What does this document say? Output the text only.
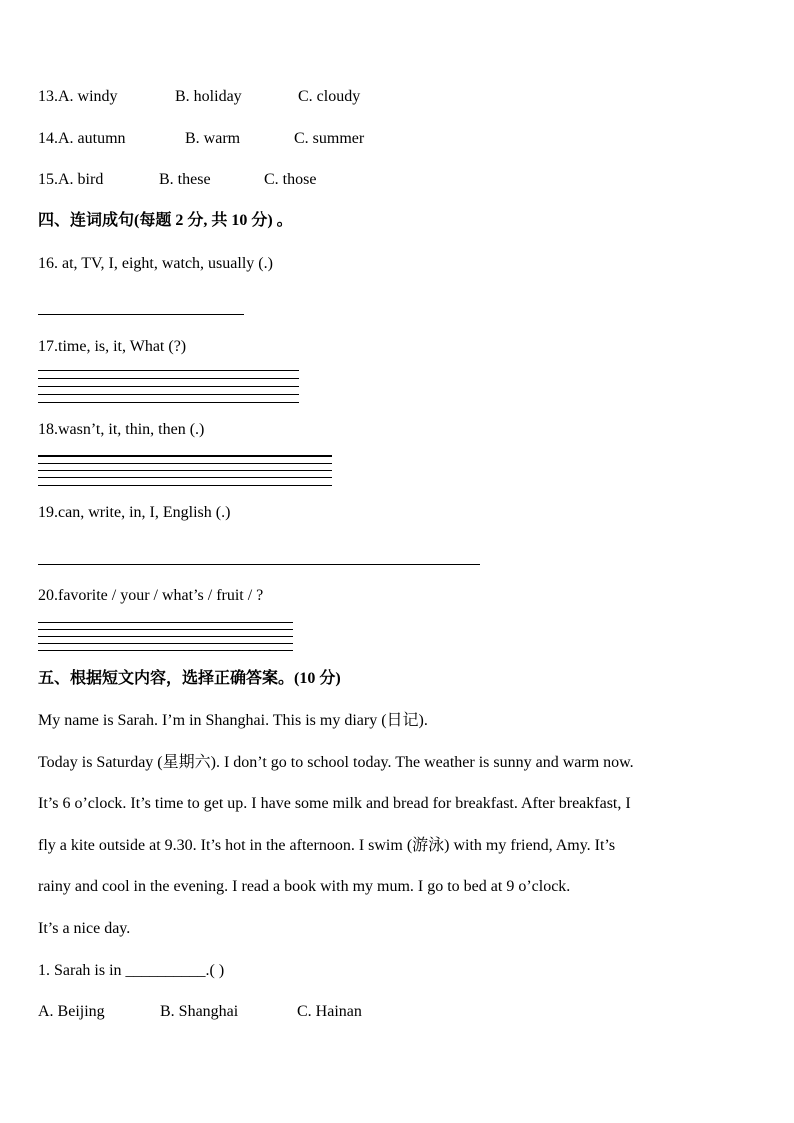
13.A. windy	B. holiday	C. cloudy
14.A. autumn	B. warm	C. summer
15.A. bird	B. these	C. those
四、连词成句(每题 2 分, 共 10 分) 。
16. at, TV, I, eight, watch, usually (.)
17.time, is, it, What (?)
18.wasn’t, it, thin, then (.)
19.can, write, in, I, English (.)
20.favorite / your / what’s / fruit / ?
五、根据短文内容，选择正确答案。(10 分)
My name is Sarah. I’m in Shanghai. This is my diary (日记).
Today is Saturday (星期六). I don’t go to school today. The weather is sunny and warm now.
It’s 6 o’clock. It’s time to get up. I have some milk and bread for breakfast. After breakfast, I
fly a kite outside at 9.30. It’s hot in the afternoon. I swim (游泳) with my friend, Amy. It’s
rainy and cool in the evening. I read a book with my mum. I go to bed at 9 o’clock.
It’s a nice day.
1. Sarah is in __________.( )
A. Beijing	B. Shanghai	C. Hainan
